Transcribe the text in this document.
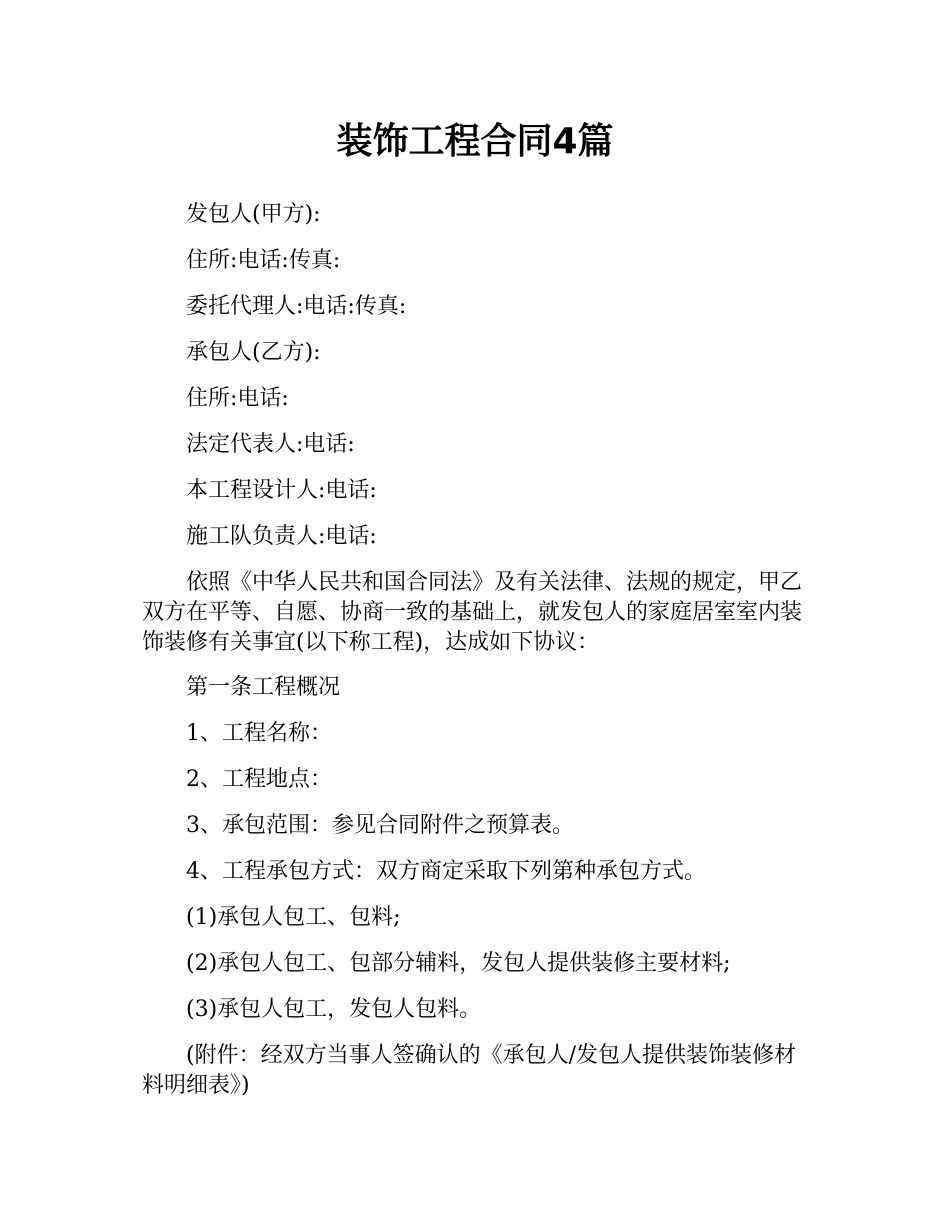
装饰工程合同4篇

发包人(甲方):

住所:电话:传真:

委托代理人:电话:传真:

承包人(乙方):

住所:电话:

法定代表人:电话:

本工程设计人:电话:

施工队负责人:电话:

依照《中华人民共和国合同法》及有关法律、法规的规定，甲乙双方在平等、自愿、协商一致的基础上，就发包人的家庭居室室内装饰装修有关事宜(以下称工程)，达成如下协议：

第一条工程概况

1、工程名称：

2、工程地点：

3、承包范围：参见合同附件之预算表。

4、工程承包方式：双方商定采取下列第种承包方式。

(1)承包人包工、包料;

(2)承包人包工、包部分辅料，发包人提供装修主要材料;

(3)承包人包工，发包人包料。

(附件：经双方当事人签确认的《承包人/发包人提供装饰装修材料明细表》)
